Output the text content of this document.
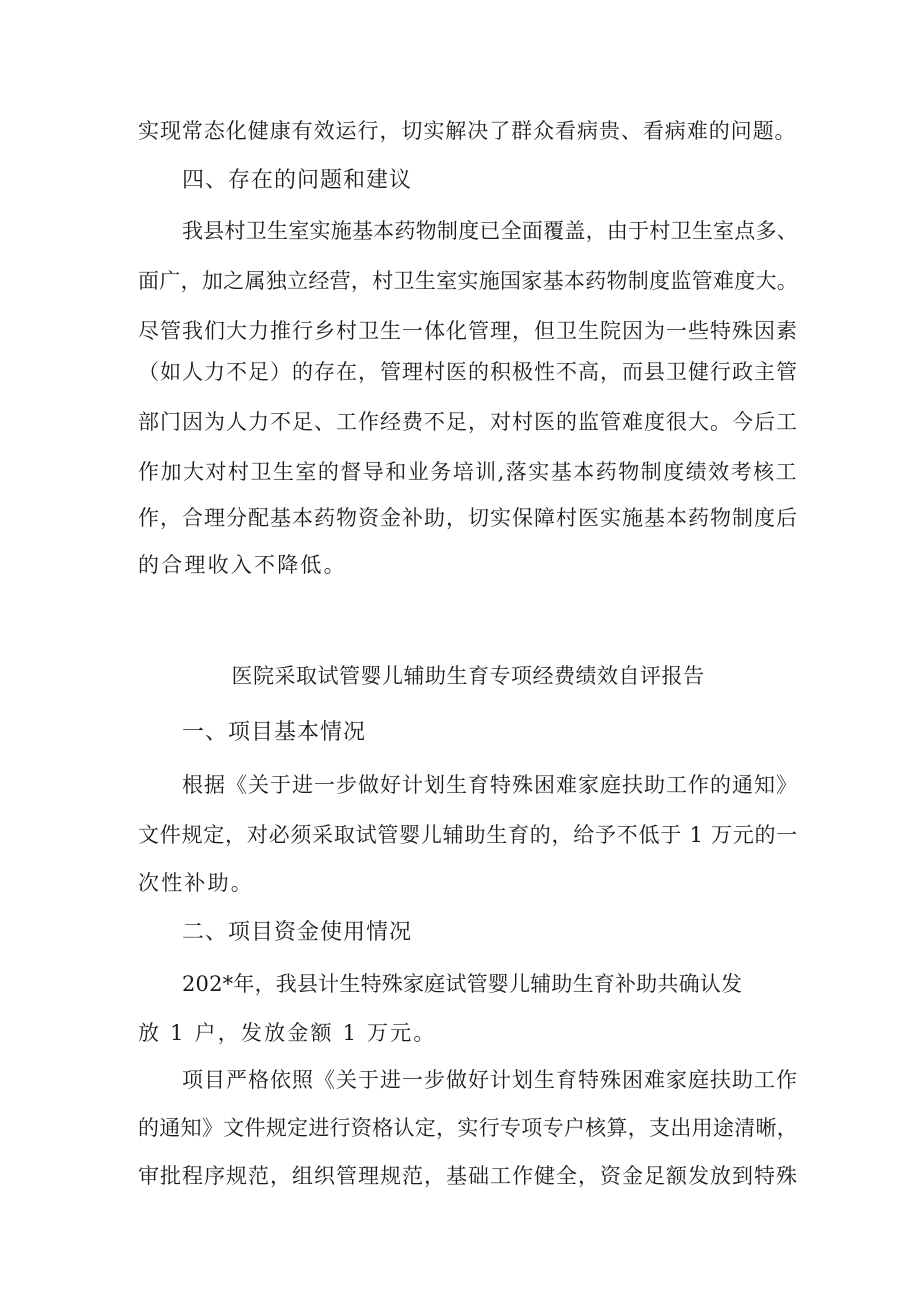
实现常态化健康有效运行，切实解决了群众看病贵、看病难的问题。
四、存在的问题和建议
我县村卫生室实施基本药物制度已全面覆盖，由于村卫生室点多、
面广，加之属独立经营，村卫生室实施国家基本药物制度监管难度大。
尽管我们大力推行乡村卫生一体化管理，但卫生院因为一些特殊因素
（如人力不足）的存在，管理村医的积极性不高，而县卫健行政主管
部门因为人力不足、工作经费不足，对村医的监管难度很大。今后工
作加大对村卫生室的督导和业务培训,落实基本药物制度绩效考核工
作，合理分配基本药物资金补助，切实保障村医实施基本药物制度后
的合理收入不降低。
医院采取试管婴儿辅助生育专项经费绩效自评报告
一、项目基本情况
根据《关于进一步做好计划生育特殊困难家庭扶助工作的通知》
文件规定，对必须采取试管婴儿辅助生育的，给予不低于 1 万元的一
次性补助。
二、项目资金使用情况
202*年，我县计生特殊家庭试管婴儿辅助生育补助共确认发
放 1 户，发放金额 1 万元。
项目严格依照《关于进一步做好计划生育特殊困难家庭扶助工作
的通知》文件规定进行资格认定，实行专项专户核算，支出用途清晰，
审批程序规范，组织管理规范，基础工作健全，资金足额发放到特殊
